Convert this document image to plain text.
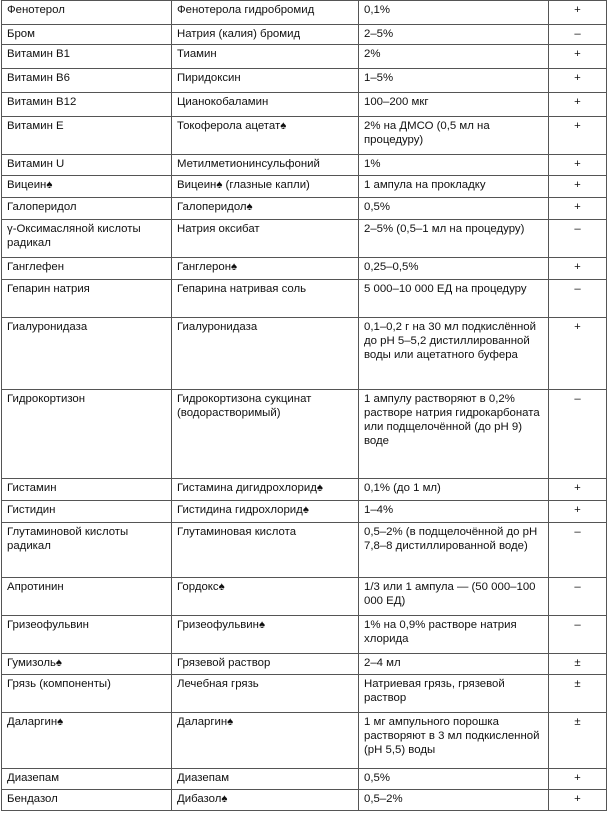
Фенотерол	Фенотерола гидробромид	0,1%	+
Бром	Натрия (калия) бромид	2–5%	–
Витамин B1	Тиамин	2%	+
Витамин B6	Пиридоксин	1–5%	+
Витамин B12	Цианокобаламин	100–200 мкг	+
Витамин Е	Токоферола ацетат♠	2% на ДМСО (0,5 мл на процедуру)	+
Витамин U	Метилметионинсульфоний	1%	+
Вицеин♠	Вицеин♠ (глазные капли)	1 ампула на прокладку	+
Галоперидол	Галоперидол♠	0,5%	+
γ-Оксимасляной кислоты радикал	Натрия оксибат	2–5% (0,5–1 мл на процедуру)	–
Ганглефен	Ганглерон♠	0,25–0,5%	+
Гепарин натрия	Гепарина натривая соль	5 000–10 000 ЕД на процедуру	–
Гиалуронидаза	Гиалуронидаза	0,1–0,2 г на 30 мл подкислённой до pH 5–5,2 дистиллированной воды или ацетатного буфера	+
Гидрокортизон	Гидрокортизона сукцинат (водорастворимый)	1 ампулу растворяют в 0,2% растворе натрия гидрокарбоната или подщелочённой (до pH 9) воде	–
Гистамин	Гистамина дигидрохлорид♠	0,1% (до 1 мл)	+
Гистидин	Гистидина гидрохлорид♠	1–4%	+
Глутаминовой кислоты радикал	Глутаминовая кислота	0,5–2% (в подщелочённой до pH 7,8–8 дистиллированной воде)	–
Апротинин	Гордокс♠	1/3 или 1 ампула — (50 000–100 000 ЕД)	–
Гризеофульвин	Гризеофульвин♠	1% на 0,9% растворе натрия хлорида	–
Гумизоль♠	Грязевой раствор	2–4 мл	±
Грязь (компоненты)	Лечебная грязь	Натриевая грязь, грязевой раствор	±
Даларгин♠	Даларгин♠	1 мг ампульного порошка растворяют в 3 мл подкисленной (pH 5,5) воды	±
Диазепам	Диазепам	0,5%	+
Бендазол	Дибазол♠	0,5–2%	+
